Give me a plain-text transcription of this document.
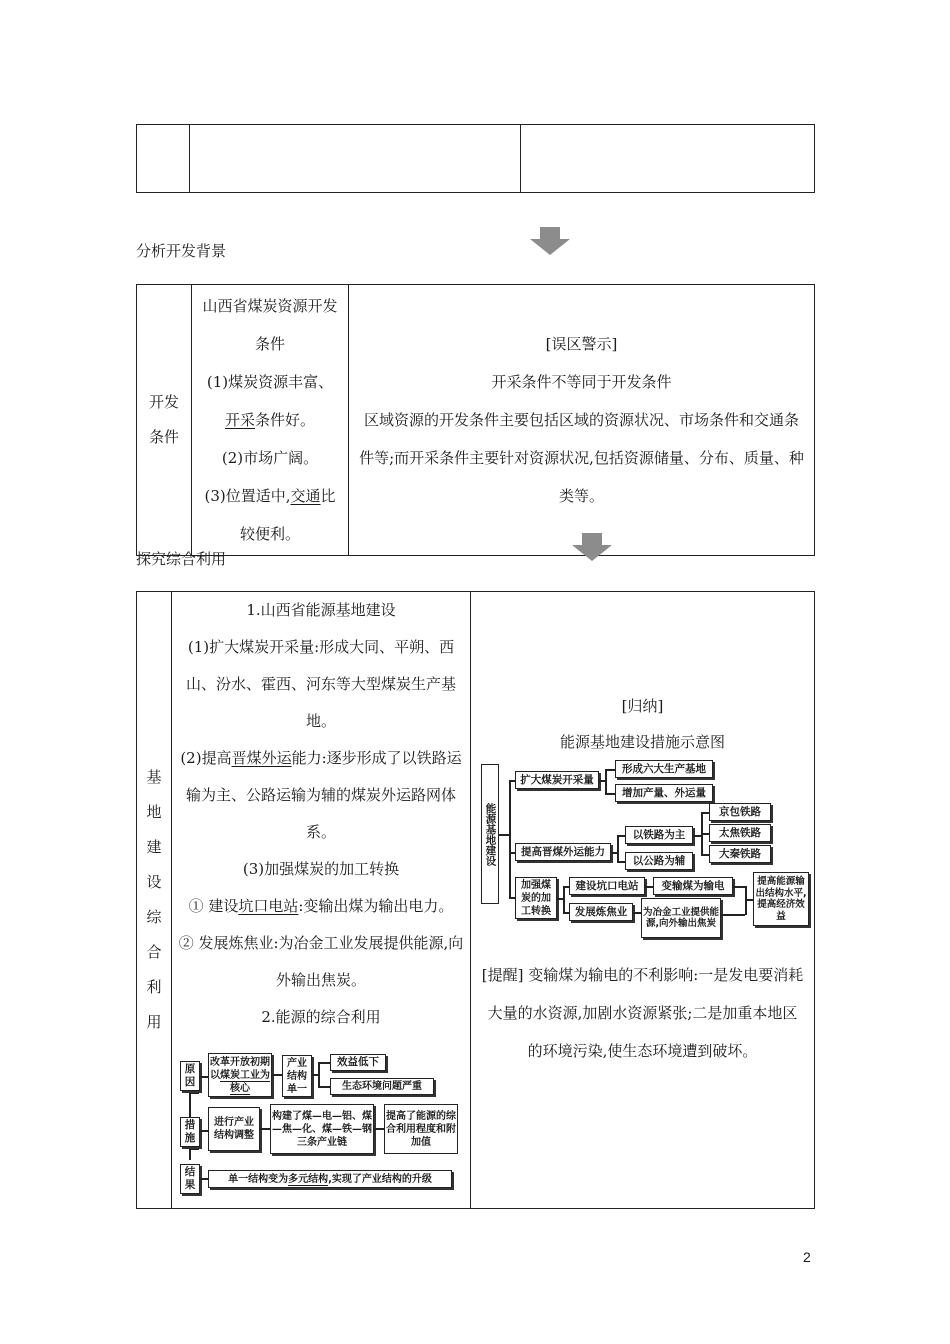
分析开发背景
开发条件

山西省煤炭资源开发条件
(1)煤炭资源丰富、开采条件好。
(2)市场广阔。
(3)位置适中,交通比较便利。

[误区警示]
开采条件不等同于开发条件
区域资源的开发条件主要包括区域的资源状况、市场条件和交通条件等;而开采条件主要针对资源状况,包括资源储量、分布、质量、种类等。
探究综合利用
基地建设综合利用

1.山西省能源基地建设
(1)扩大煤炭开采量:形成大同、平朔、西山、汾水、霍西、河东等大型煤炭生产基地。
(2)提高晋煤外运能力:逐步形成了以铁路运输为主、公路运输为辅的煤炭外运路网体系。
(3)加强煤炭的加工转换
① 建设坑口电站:变输出煤为输出电力。
② 发展炼焦业:为冶金工业发展提供能源,向外输出焦炭。
2.能源的综合利用
原因
改革开放初期以煤炭工业为核心
产业结构单一
效益低下
生态环境问题严重
措施
进行产业结构调整
构建了煤—电—铝、煤—焦—化、煤—铁—钢三条产业链
提高了能源的综合利用程度和附加值
结果	单一结构变为多元结构,实现了产业结构的升级

[归纳]
能源基地建设措施示意图
能源基地建设
扩大煤炭开采量
形成六大生产基地
增加产量、外运量
提高晋煤外运能力
以铁路为主
以公路为辅
京包铁路
太焦铁路
大秦铁路
加强煤炭的加工转换
建设坑口电站	变输煤为输电
发展炼焦业	为冶金工业提供能源,向外输出焦炭
提高能源输出结构水平,提高经济效益
[提醒] 变输煤为输电的不利影响:一是发电要消耗大量的水资源,加剧水资源紧张;二是加重本地区的环境污染,使生态环境遭到破坏。
2
